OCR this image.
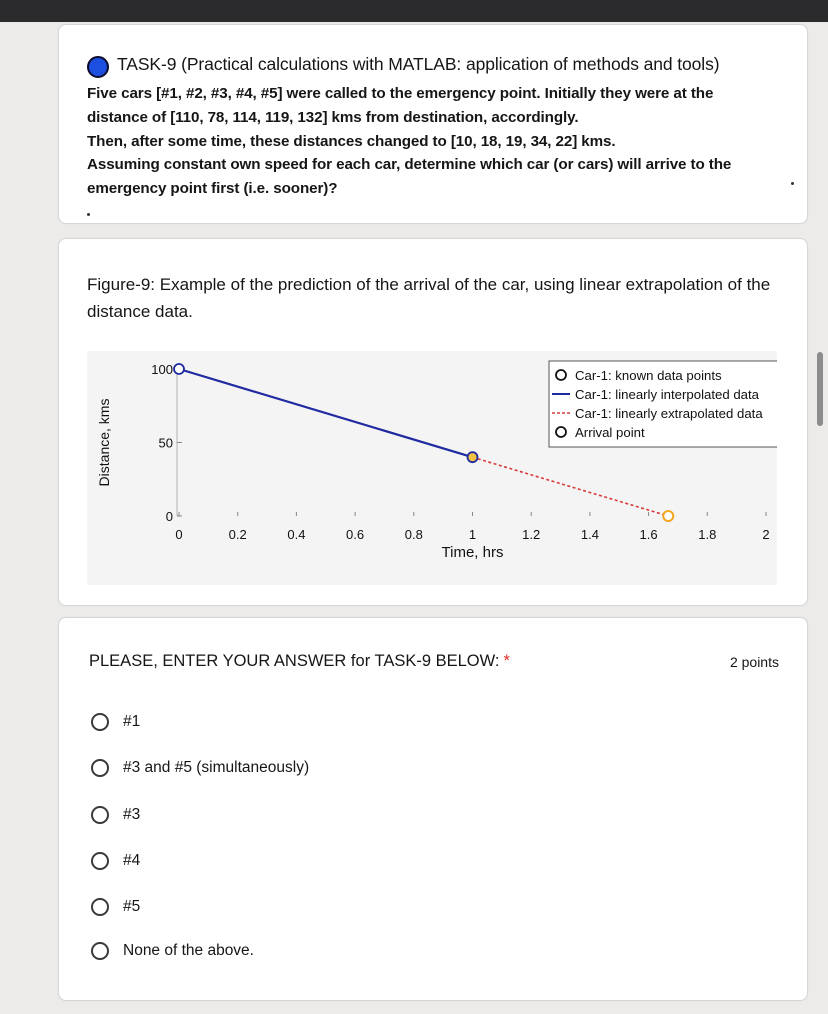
TASK-9 (Practical calculations with MATLAB: application of methods and tools)
Five cars [#1, #2, #3, #4, #5] were called to the emergency point. Initially they were at the
distance of [110, 78, 114, 119, 132] kms from destination, accordingly.
Then, after some time, these distances changed to [10, 18, 19, 34, 22] kms.
Assuming constant own speed for each car, determine which car (or cars) will arrive to the
emergency point first (i.e. sooner)?
Figure-9: Example of the prediction of the arrival of the car, using linear extrapolation of the distance data.
0
50
100
0	0.2	0.4	0.6	0.8	1	1.2	1.4	1.6	1.8	2
Time, hrs
Distance, kms
Car-1: known data points
Car-1: linearly interpolated data
Car-1: linearly extrapolated data
Arrival point
PLEASE, ENTER YOUR ANSWER for TASK-9 BELOW: *	2 points
#1
#3 and #5 (simultaneously)
#3
#4
#5
None of the above.
